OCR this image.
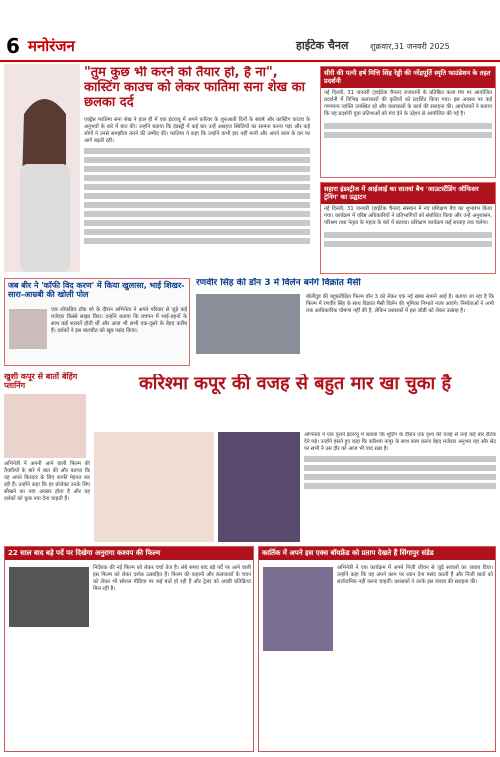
6 मनोरंजन	हाईटेक चैनल	शुक्रवार,31 जनवरी 2025
"तुम कुछ भी करने को तैयार हो, है ना", कास्टिंग काउच को लेकर फातिमा सना शेख का छलका दर्द
एक्ट्रेस फातिमा सना शेख ने हाल ही में एक इंटरव्यू में अपने करियर के शुरुआती दिनों के संघर्ष और कास्टिंग काउच के अनुभवों के बारे में बात की। उन्होंने बताया कि इंडस्ट्री में कई बार उन्हें असहज स्थितियों का सामना करना पड़ा और कई लोगों ने उनसे समझौता करने की उम्मीद की। फातिमा ने कहा कि उन्होंने कभी हार नहीं मानी और अपने काम के दम पर आगे बढ़ती रहीं।
सीरी की पत्नी हर्ष मित्ति सिंह रेड्डी की नरेंद्रपूर्ति स्मृति फाउंडेशन के तहत प्रदर्शनी
नई दिल्ली, 31 जनवरी (हाईटेक चैनल) राजधानी के प्रतिष्ठित कला मंच पर आयोजित प्रदर्शनी में विभिन्न कलाकारों की कृतियों को प्रदर्शित किया गया। इस अवसर पर कई गणमान्य व्यक्ति उपस्थित रहे और कलाकारों के कार्य की सराहना की। आयोजकों ने बताया कि यह प्रदर्शनी युवा प्रतिभाओं को मंच देने के उद्देश्य से आयोजित की गई है।
सहारा इंडस्ट्रीज में आईआई का सातवां बैच 'आउटस्टैंडिंग ऑफिसर ट्रेनिंग' का उद्घाटन
नई दिल्ली, 31 जनवरी (हाईटेक चैनल) संस्थान में नए प्रशिक्षण बैच का शुभारंभ किया गया। कार्यक्रम में वरिष्ठ अधिकारियों ने प्रतिभागियों को संबोधित किया और उन्हें अनुशासन, परिश्रम तथा नेतृत्व के महत्व के बारे में बताया। प्रशिक्षण कार्यक्रम कई सप्ताह तक चलेगा।
जब बीर ने 'कॉफी विद करण' में किया खुलासा, भाई शिखर-सारा-आम्रबी की खोली पोल
एक लोकप्रिय टॉक शो के दौरान अभिनेता ने अपने परिवार से जुड़े कई मजेदार किस्से साझा किए। उन्होंने बताया कि बचपन में भाई-बहनों के साथ कई शरारतें होती थीं और आज भी सभी एक-दूसरे के बेहद करीब हैं। दर्शकों ने इस बातचीत को खूब पसंद किया।
रणवीर सिंह की डॉन 3 में विलेन बनेंगे विक्रांत मैसी
बॉलीवुड की बहुप्रतीक्षित फिल्म डॉन 3 को लेकर एक नई खबर सामने आई है। बताया जा रहा है कि फिल्म में रणवीर सिंह के साथ विक्रांत मैसी विलेन की भूमिका निभाते नजर आएंगे। निर्माताओं ने अभी तक आधिकारिक घोषणा नहीं की है, लेकिन प्रशंसकों में इस जोड़ी को लेकर उत्साह है।
खुशी कपूर से बातों बेहिंग प्लानिंग
अभिनेत्री ने अपनी आने वाली फिल्म की तैयारियों के बारे में बात की और बताया कि वह अपने किरदार के लिए काफी मेहनत कर रही हैं। उन्होंने कहा कि हर प्रोजेक्ट उनके लिए सीखने का नया अवसर होता है और वह दर्शकों को कुछ नया देना चाहती हैं।
करिश्मा कपूर की वजह से बहुत मार खा चुका है
अभिनेता ने एक पुराने इंटरव्यू में बताया कि शूटिंग के दौरान एक दृश्य की वजह से उन्हें कई बार रीटेक देने पड़े। उन्होंने हंसते हुए कहा कि करिश्मा कपूर के साथ काम करना बेहद मजेदार अनुभव रहा और सेट पर सभी ने उस दौर को आज भी याद रखा है।
22 साल बाद बड़े पर्दे पर दिखेगा अनुरागा कश्यप की फिल्म
निर्देशक की नई फिल्म को लेकर चर्चा तेज है। लंबे समय बाद बड़े पर्दे पर आने वाली इस फिल्म को लेकर दर्शक उत्साहित हैं। फिल्म की कहानी और कलाकारों के चयन को लेकर भी सोशल मीडिया पर कई बातें हो रही हैं और ट्रेलर को अच्छी प्रतिक्रिया मिल रही है।
कार्तिक में अपने इस एक्स बॉयफ्रेंड को प्रताप देखते हैं सिंगापुर संडेड
अभिनेत्री ने एक कार्यक्रम में अपने निजी जीवन से जुड़े सवालों का जवाब दिया। उन्होंने कहा कि वह अपने काम पर ध्यान देना पसंद करती हैं और निजी बातों को सार्वजनिक नहीं करना चाहतीं। प्रशंसकों ने उनके इस जवाब की सराहना की।
